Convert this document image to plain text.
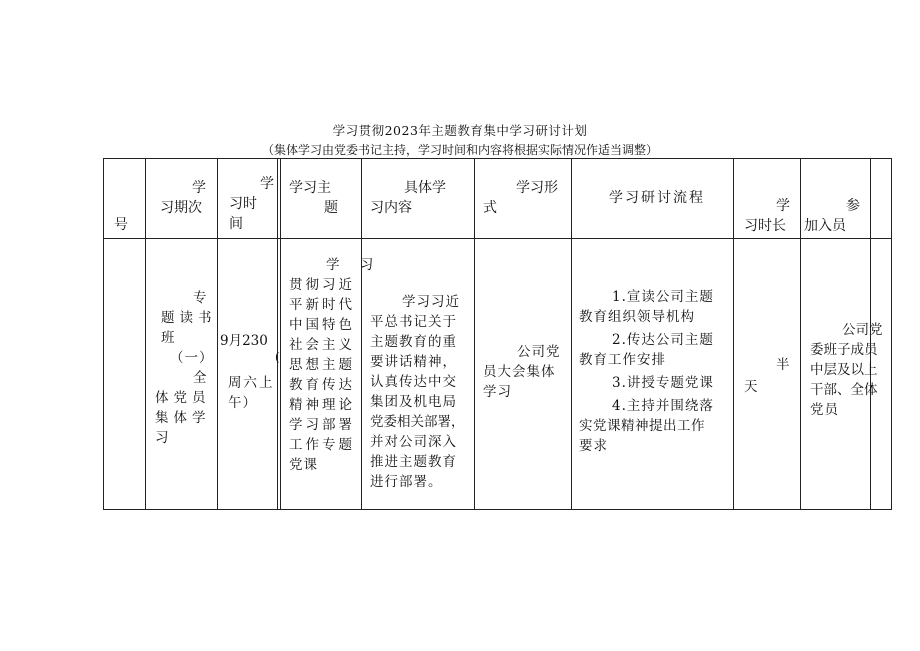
学习贯彻2023年主题教育集中学习研讨计划
（集体学习由党委书记主持，学习时间和内容将根据实际情况作适当调整）
号
学
习期次
学
习时
间
学习主
题
具体学
习内容
学习形
式
学习研讨流程	学
习时长
参
加入员
专
题读书
班
（一）
全
体党员
集体学
习
9月230
(
周六上
午）
学 习
贯彻习近
平新时代
中国特色
社会主义
思想主题
教育传达
精神理论
学习部署
工作专题
党课
学习习近
平总书记关于
主题教育的重
要讲话精神，
认真传达中交
集团及机电局
党委相关部署，
并对公司深入
推进主题教育
进行部署。
公司党
员大会集体
学习
1.宣读公司主题
教育组织领导机构
2.传达公司主题
教育工作安排
3.讲授专题党课
4.主持并围绕落
实党课精神提出工作
要求
半
天
公司党
委班子成员
中层及以上
干部、全体
党员
